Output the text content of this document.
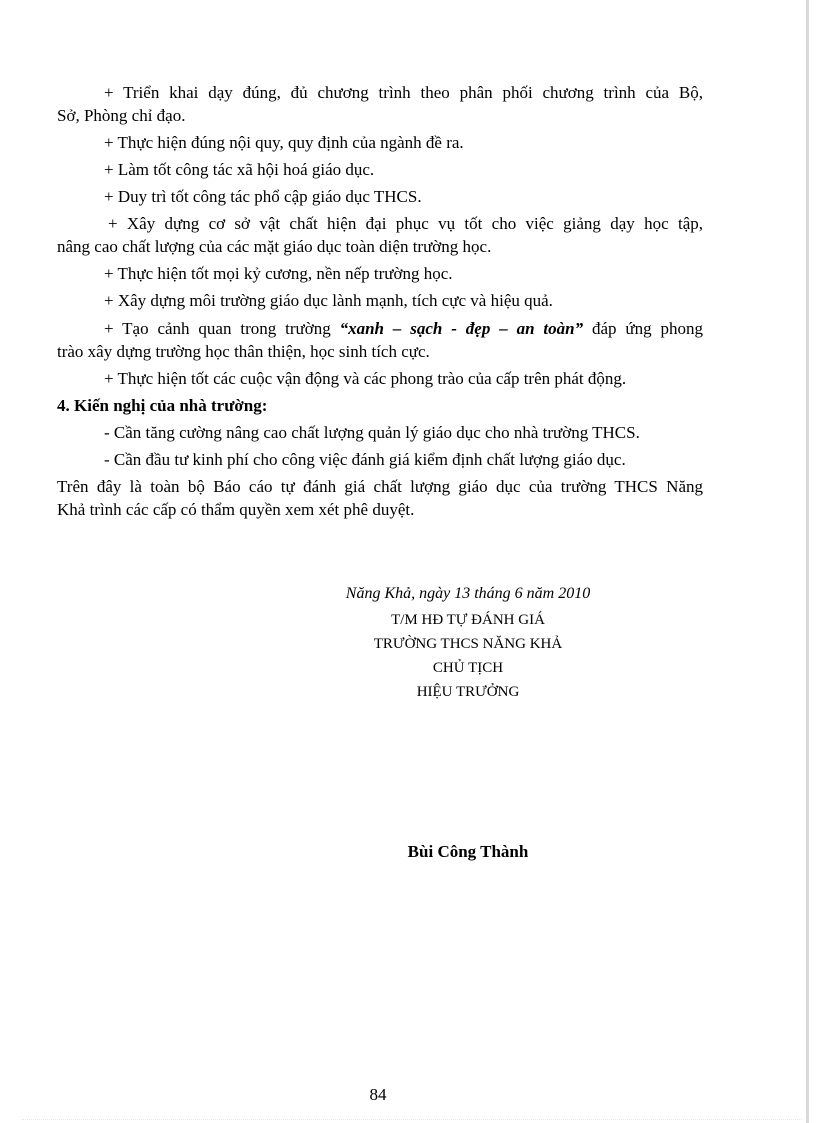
+ Triển khai dạy đúng, đủ chương trình theo phân phối chương trình của Bộ,
Sở, Phòng chỉ đạo.
+ Thực hiện đúng nội quy, quy định của ngành đề ra.
+ Làm tốt công tác xã hội hoá giáo dục.
+ Duy trì tốt công tác phổ cập giáo dục THCS.
+ Xây dựng cơ sở vật chất hiện đại phục vụ tốt cho việc giảng dạy học tập,
nâng cao chất lượng của các mặt giáo dục toàn diện trường học.
+ Thực hiện tốt mọi kỷ cương, nền nếp trường học.
+ Xây dựng môi trường giáo dục lành mạnh, tích cực và hiệu quả.
+ Tạo cảnh quan trong trường “xanh – sạch - đẹp – an toàn” đáp ứng phong
trào xây dựng trường học thân thiện, học sinh tích cực.
+ Thực hiện tốt các cuộc vận động và các phong trào của cấp trên phát động.
4. Kiến nghị của nhà trường:
- Cần tăng cường nâng cao chất lượng quản lý giáo dục cho nhà trường THCS.
- Cần đầu tư kinh phí cho công việc đánh giá kiểm định chất lượng giáo dục.
Trên đây là toàn bộ Báo cáo tự đánh giá chất lượng giáo dục của trường THCS Năng
Khả trình các cấp có thẩm quyền xem xét phê duyệt.
Năng Khả, ngày 13 tháng 6 năm 2010
T/M HĐ TỰ ĐÁNH GIÁ
TRƯỜNG THCS NĂNG KHẢ
CHỦ TỊCH
HIỆU TRƯỞNG
Bùi Công Thành
84
